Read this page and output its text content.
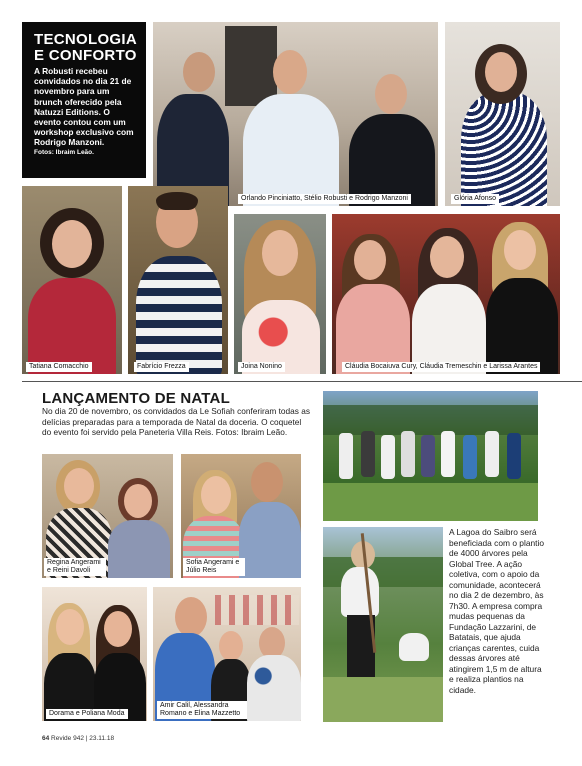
TECNOLOGIA E CONFORTO
A Robusti recebeu convidados no dia 21 de novembro para um brunch oferecido pela Natuzzi Editions. O evento contou com um workshop exclusivo com Rodrigo Manzoni.
Fotos: Ibraim Leão.
Orlando Pinciniatto, Stélio Robusti e Rodrigo Manzoni	Glória Afonso
Tatiana Comacchio	Fabrício Frezza	Joina Nonino	Cláudia Bocaiuva Cury, Cláudia Tremeschin e Larissa Arantes
LANÇAMENTO DE NATAL
No dia 20 de novembro, os convidados da Le Sofiah conferiram todas as delícias preparadas para a temporada de Natal da doceria. O coquetel do evento foi servido pela Paneteria Villa Reis. Fotos: Ibraim Leão.
Regina Angerami e Reini Davoli
Sofia Angerami e Júlio Reis
Dorama e Poliana Moda
Amir Calil, Alessandra Romano e Elina Mazzetto
A Lagoa do Saibro será beneficiada com o plantio de 4000 árvores pela Global Tree. A ação coletiva, com o apoio da comunidade, acontecerá no dia 2 de dezembro, às 7h30. A empresa compra mudas pequenas da Fundação Lazzarini, de Batatais, que ajuda crianças carentes, cuida dessas árvores até atingirem 1,5 m de altura e realiza plantios na cidade.
64 Revide 942 | 23.11.18
